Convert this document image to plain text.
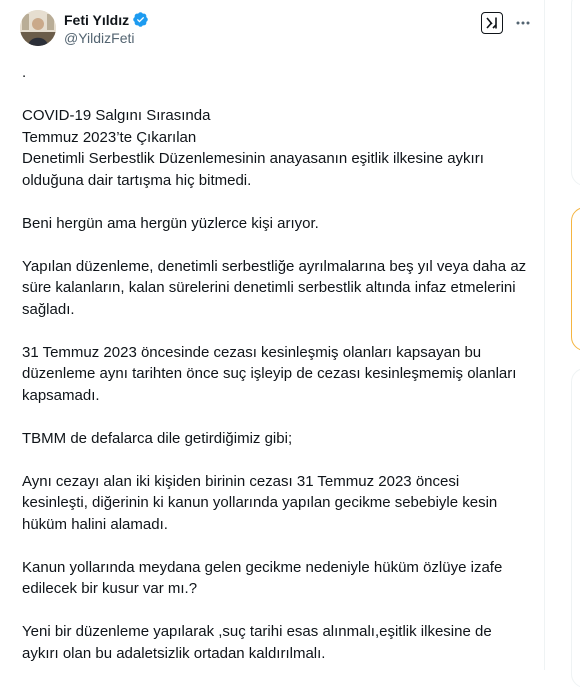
Feti Yıldız
@YildizFeti

.

COVID-19 Salgını Sırasında
Temmuz 2023’te Çıkarılan
Denetimli Serbestlik Düzenlemesinin anayasanın eşitlik ilkesine aykırı olduğuna dair tartışma hiç bitmedi.

Beni hergün ama hergün yüzlerce kişi arıyor.

Yapılan düzenleme, denetimli serbestliğe ayrılmalarına beş yıl veya daha az süre kalanların, kalan sürelerini denetimli serbestlik altında infaz etmelerini sağladı.

31 Temmuz 2023 öncesinde cezası kesinleşmiş olanları kapsayan bu düzenleme aynı tarihten önce suç işleyip de cezası kesinleşmemiş olanları kapsamadı.

TBMM de defalarca dile getirdiğimiz gibi;

Aynı cezayı alan iki kişiden birinin cezası 31 Temmuz 2023 öncesi kesinleşti, diğerinin ki kanun yollarında yapılan gecikme sebebiyle kesin hüküm halini alamadı.

Kanun yollarında meydana gelen gecikme nedeniyle hüküm özlüye izafe edilecek bir kusur var mı.?

Yeni bir düzenleme yapılarak ,suç tarihi esas alınmalı,eşitlik ilkesine de aykırı olan bu adaletsizlik ortadan kaldırılmalı.
